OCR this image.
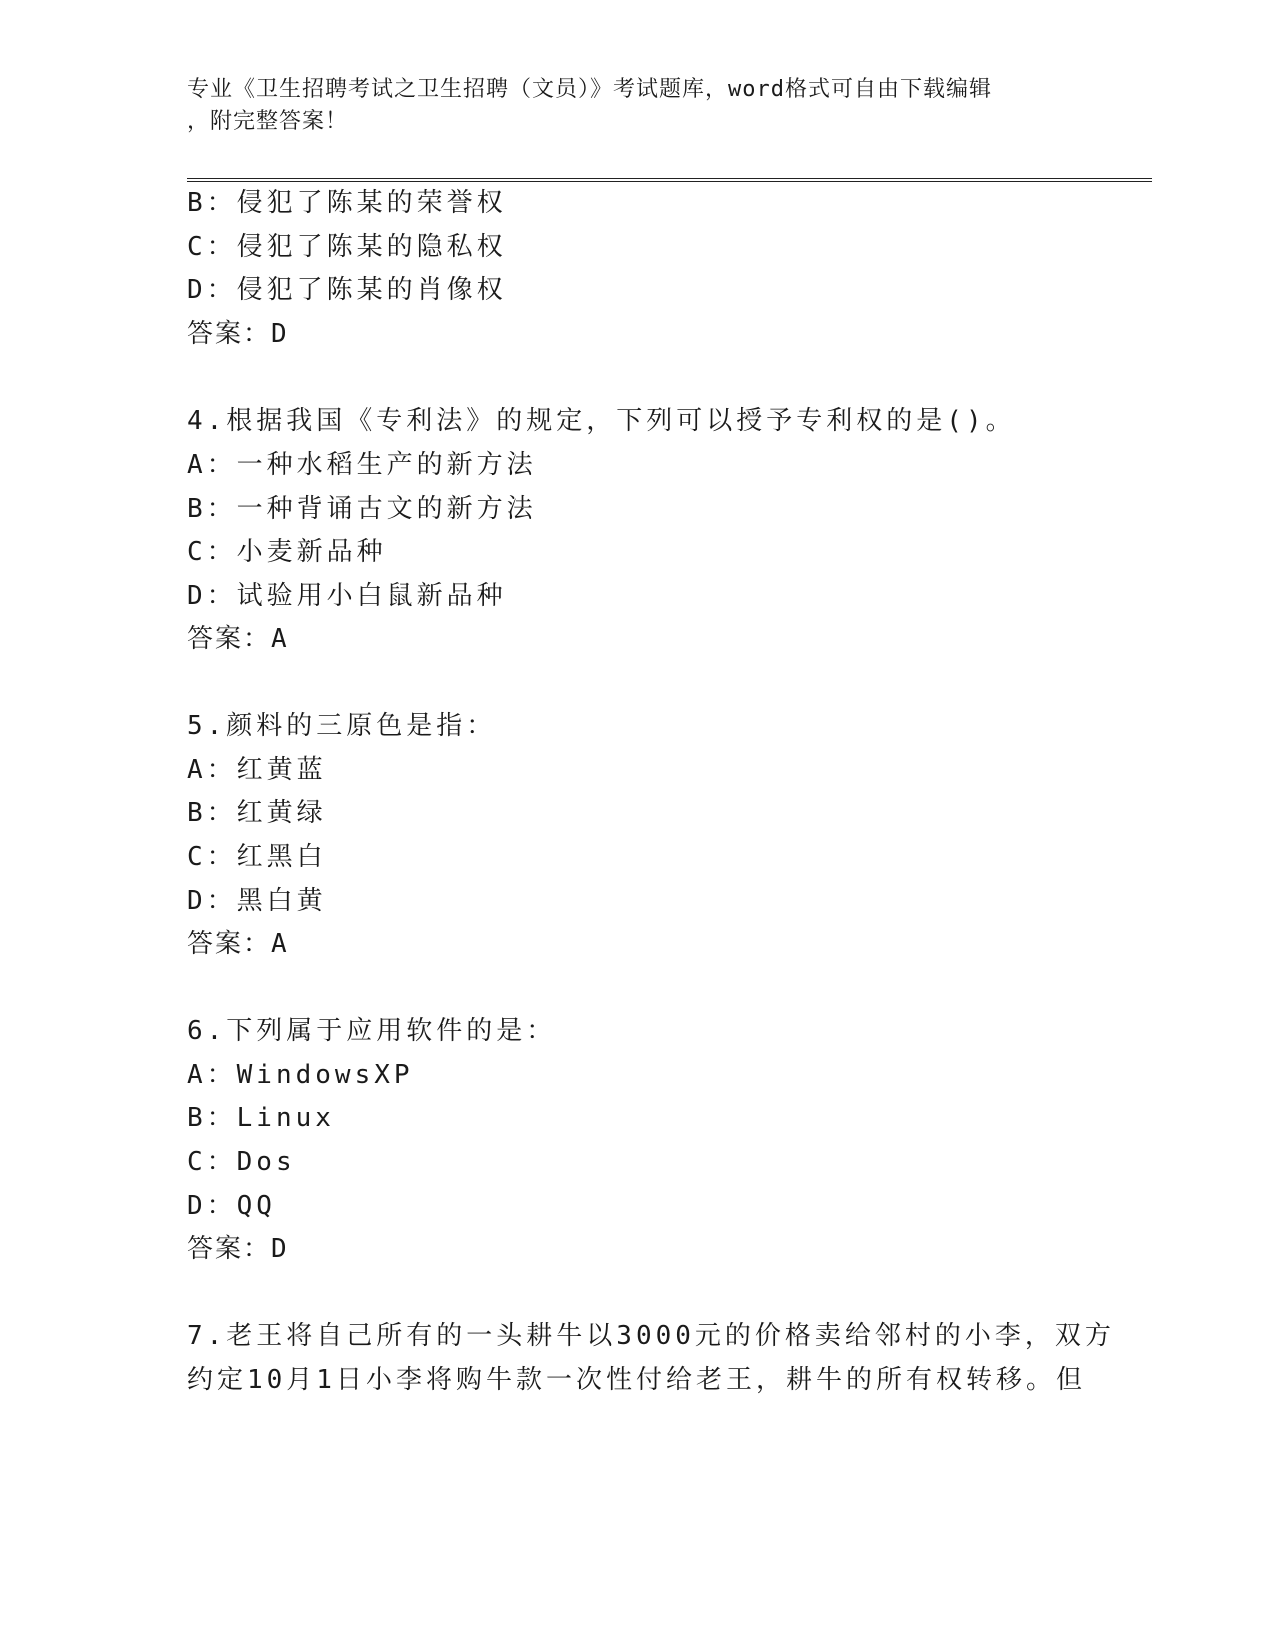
专业《卫生招聘考试之卫生招聘（文员）》考试题库，word格式可自由下载编辑
，附完整答案！
B：侵犯了陈某的荣誉权
C：侵犯了陈某的隐私权
D：侵犯了陈某的肖像权
答案：D
4.根据我国《专利法》的规定，下列可以授予专利权的是()。
A：一种水稻生产的新方法
B：一种背诵古文的新方法
C：小麦新品种
D：试验用小白鼠新品种
答案：A
5.颜料的三原色是指：
A：红黄蓝
B：红黄绿
C：红黑白
D：黑白黄
答案：A
6.下列属于应用软件的是：
A：WindowsXP
B：Linux
C：Dos
D：QQ
答案：D
7.老王将自己所有的一头耕牛以3000元的价格卖给邻村的小李，双方
约定10月1日小李将购牛款一次性付给老王，耕牛的所有权转移。但
